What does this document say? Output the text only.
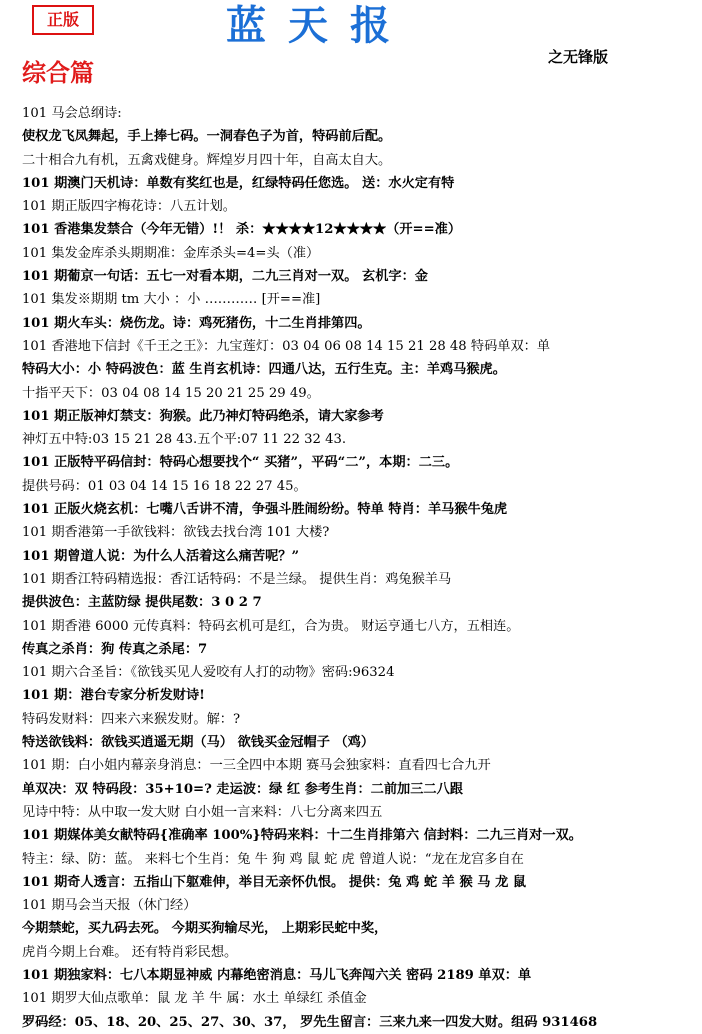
正版	蓝天报
之无锋版
综合篇
101 马会总纲诗:
使权龙飞凤舞起，手上捧七码。一洞春色子为首，特码前后配。
二十相合九有机，五禽戏健身。辉煌岁月四十年，自高太自大。
101 期澳门天机诗：单数有奖红也是，红绿特码任您选。 送：水火定有特
101 期正版四字梅花诗：八五计划。
101 香港集发禁合（今年无错）!！ 杀：★★★★12★★★★（开==准）
101 集发金库杀头期期准：金库杀头=4=头（准）
101 期葡京一句话：五七一对看本期，二九三肖对一双。 玄机字：金
101 集发※期期 tm 大小 ：小 ………… [开==准]
101 期火车头：烧伤龙。诗：鸡死猪伤，十二生肖排第四。
101 香港地下信封《千王之王》：九宝莲灯：03 04 06 08 14 15 21 28 48 特码单双：单
特码大小：小 特码波色：蓝 生肖玄机诗：四通八达，五行生克。主：羊鸡马猴虎。
十指平天下：03 04 08 14 15 20 21 25 29 49。
101 期正版神灯禁支：狗猴。此乃神灯特码绝杀，请大家参考
神灯五中特:03 15 21 28 43.五个平:07 11 22 32 43.
101 正版特平码信封：特码心想要找个“ 买猪”，平码“二”，本期：二三。
提供号码：01 03 04 14 15 16 18 22 27 45。
101 正版火烧玄机：七嘴八舌讲不清，争强斗胜闹纷纷。特单 特肖：羊马猴牛兔虎
101 期香港第一手欲钱料：欲钱去找台湾 101 大楼?
101 期曾道人说：为什么人活着这么痛苦呢？”
101 期香江特码精选报：香江话特码：不是兰绿。 提供生肖：鸡兔猴羊马
提供波色：主蓝防绿 提供尾数：3 0 2 7
101 期香港 6000 元传真料：特码玄机可是红，合为贵。 财运亨通七八方，五相连。
传真之杀肖：狗 传真之杀尾：7
101 期六合圣旨：《欲钱买见人爱咬有人打的动物》密码:96324
101 期：港台专家分析发财诗!
特码发财料：四来六来猴发财。解：?
特送欲钱料：欲钱买逍遥无期（马） 欲钱买金冠帽子 （鸡）
101 期：白小姐内幕亲身消息：一三全四中本期 赛马会独家料：直看四七合九开
单双决：双 特码段：35+10=? 走运波：绿 红 参考生肖：二前加三二八跟
见诗中特：从中取一发大财 白小姐一言来料：八七分离来四五
101 期媒体美女献特码{准确率 100%}特码来料：十二生肖排第六 信封料：二九三肖对一双。
特主：绿、防：蓝。 来料七个生肖：兔 牛 狗 鸡 鼠 蛇 虎 曾道人说：“龙在龙宫多自在
101 期奇人透言：五指山下躯难伸，举目无亲怀仇恨。 提供：兔 鸡 蛇 羊 猴 马 龙 鼠
101 期马会当天报（休门经）
今期禁蛇，买九码去死。 今期买狗输尽光， 上期彩民蛇中奖，
虎肖今期上台难。 还有特肖彩民想。
101 期独家料：七八本期显神威 内幕绝密消息：马儿飞奔闯六关 密码 2189 单双：单
101 期罗大仙点歌单：鼠 龙 羊 牛 属：水土 单绿红 杀值金
罗码经：05、18、20、25、27、30、37， 罗先生留言：三来九来一四发大财。组码 931468
